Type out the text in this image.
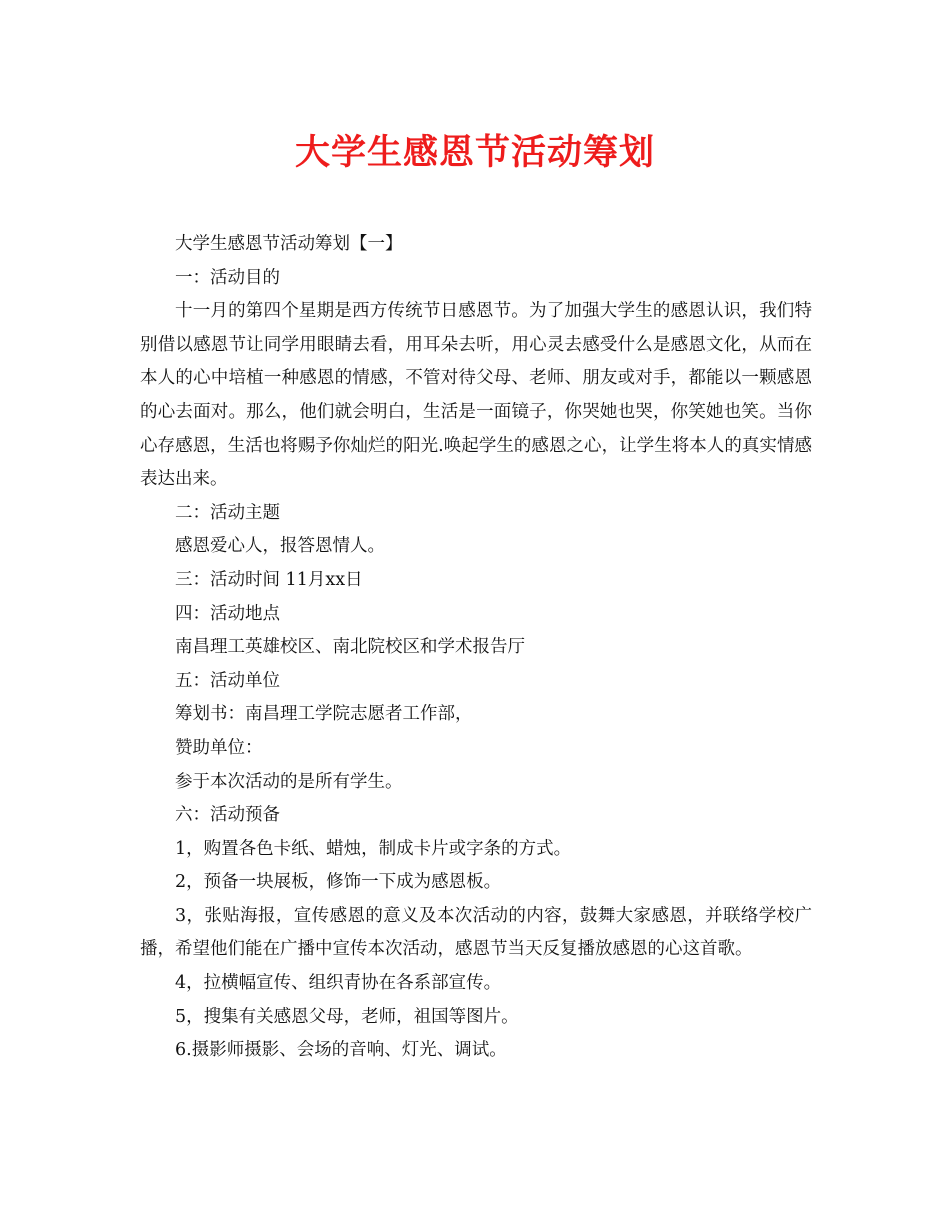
大学生感恩节活动筹划

大学生感恩节活动筹划【一】

一：活动目的

十一月的第四个星期是西方传统节日感恩节。为了加强大学生的感恩认识，我们特别借以感恩节让同学用眼睛去看，用耳朵去听，用心灵去感受什么是感恩文化，从而在本人的心中培植一种感恩的情感，不管对待父母、老师、朋友或对手，都能以一颗感恩的心去面对。那么，他们就会明白，生活是一面镜子，你哭她也哭，你笑她也笑。当你心存感恩，生活也将赐予你灿烂的阳光.唤起学生的感恩之心，让学生将本人的真实情感表达出来。

二：活动主题

感恩爱心人，报答恩情人。

三：活动时间 11月xx日

四：活动地点

南昌理工英雄校区、南北院校区和学术报告厅

五：活动单位

筹划书：南昌理工学院志愿者工作部，

赞助单位：

参于本次活动的是所有学生。

六：活动预备

1，购置各色卡纸、蜡烛，制成卡片或字条的方式。

2，预备一块展板，修饰一下成为感恩板。

3，张贴海报，宣传感恩的意义及本次活动的内容，鼓舞大家感恩，并联络学校广播，希望他们能在广播中宣传本次活动，感恩节当天反复播放感恩的心这首歌。

4，拉横幅宣传、组织青协在各系部宣传。

5，搜集有关感恩父母，老师，祖国等图片。

6.摄影师摄影、会场的音响、灯光、调试。
